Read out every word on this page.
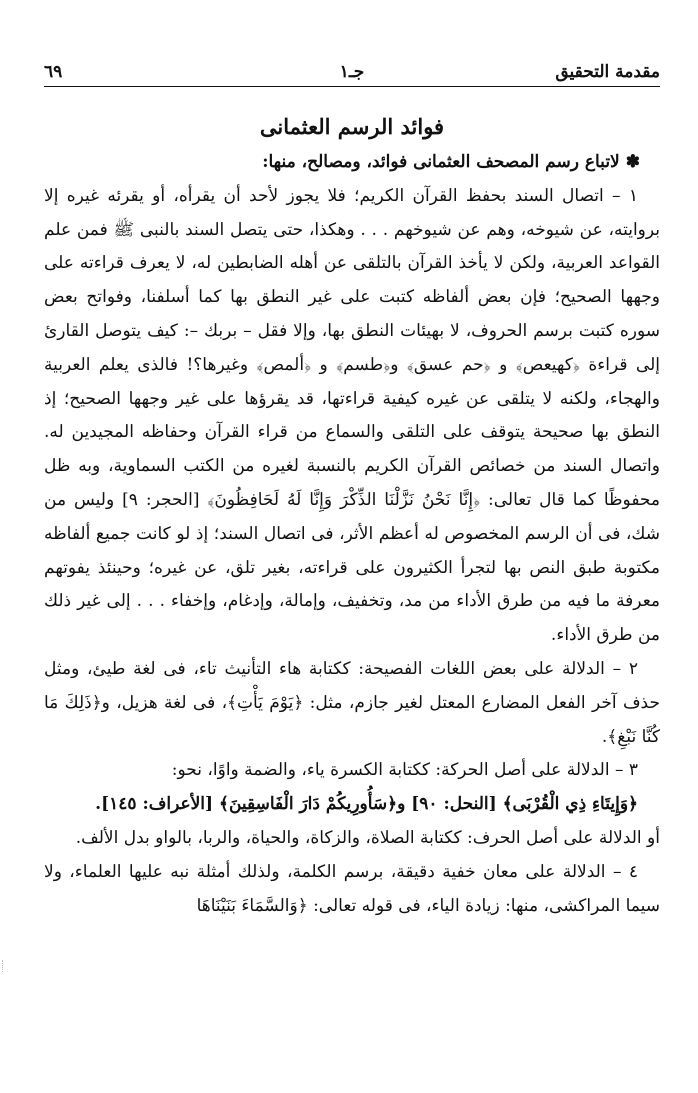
مقدمة التحقيق
جـ١
٦٩
فوائد الرسم العثمانى

✽لاتباع رسم المصحف العثمانى فوائد، ومصالح، منها:

١ – اتصال السند بحفظ القرآن الكريم؛ فلا يجوز لأحد أن يقرأه، أو يقرئه غيره إلا بروايته، عن شيوخه، وهم عن شيوخهم . . . وهكذا، حتى يتصل السند بالنبى ﷺ فمن علم القواعد العربية، ولكن لا يأخذ القرآن بالتلقى عن أهله الضابطين له، لا يعرف قراءته على وجهها الصحيح؛ فإن بعض ألفاظه كتبت على غير النطق بها كما أسلفنا، وفواتح بعض سوره كتبت برسم الحروف، لا بهيئات النطق بها، وإلا فقل – بربك –: كيف يتوصل القارئ إلى قراءة ﴿كهيعص﴾ و ﴿حم عسق﴾ و﴿طسم﴾ و ﴿ألمص﴾ وغيرها؟! فالذى يعلم العربية والهجاء، ولكنه لا يتلقى عن غيره كيفية قراءتها، قد يقرؤها على غير وجهها الصحيح؛ إذ النطق بها صحيحة يتوقف على التلقى والسماع من قراء القرآن وحفاظه المجيدين له. واتصال السند من خصائص القرآن الكريم بالنسبة لغيره من الكتب السماوية، وبه ظل محفوظًا كما قال تعالى: ﴿إِنَّا نَحْنُ نَزَّلْنَا الذِّكْرَ وَإِنَّا لَهُ لَحَافِظُونَ﴾ [الحجر: ٩] وليس من شك، فى أن الرسم المخصوص له أعظم الأثر، فى اتصال السند؛ إذ لو كانت جميع ألفاظه مكتوبة طبق النص بها لتجرأ الكثيرون على قراءته، بغير تلق، عن غيره؛ وحينئذ يفوتهم معرفة ما فيه من طرق الأداء من مد، وتخفيف، وإمالة، وإدغام، وإخفاء . . . إلى غير ذلك من طرق الأداء.

٢ – الدلالة على بعض اللغات الفصيحة: ككتابة هاء التأنيث تاء، فى لغة طيئ، ومثل حذف آخر الفعل المضارع المعتل لغير جازم، مثل: ﴿يَوْمَ يَأْتِ﴾، فى لغة هزيل، و﴿ذَلِكَ مَا كُنَّا نَبْغِ﴾.

٣ – الدلالة على أصل الحركة: ككتابة الكسرة ياء، والضمة واوًا، نحو:

﴿وَإِيتَاءِ ذِي الْقُرْبَى﴾ [النحل: ٩٠] و﴿سَأُورِيكُمْ دَارَ الْفَاسِقِينَ﴾ [الأعراف: ١٤٥].

أو الدلالة على أصل الحرف: ككتابة الصلاة، والزكاة، والحياة، والربا، بالواو بدل الألف.

٤ – الدلالة على معان خفية دقيقة، برسم الكلمة، ولذلك أمثلة نبه عليها العلماء، ولا سيما المراكشى، منها: زيادة الياء، فى قوله تعالى: ﴿وَالسَّمَاءَ بَنَيْنَاهَا
